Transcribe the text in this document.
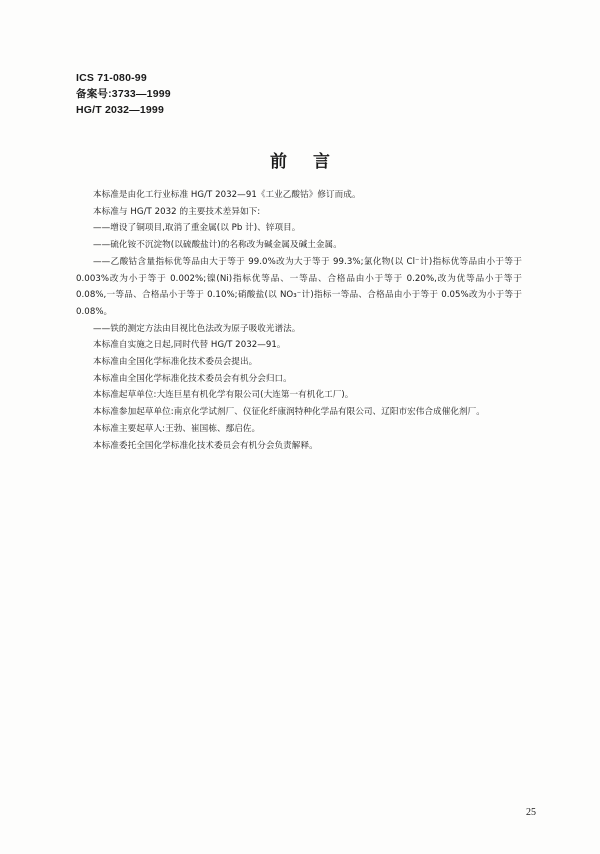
ICS 71-080-99
备案号:3733—1999
HG/T 2032—1999
前言

本标准是由化工行业标准 HG/T 2032—91《工业乙酸钴》修订而成。

本标准与 HG/T 2032 的主要技术差异如下:

——增设了铜项目,取消了重金属(以 Pb 计)、锌项目。

——硫化铵不沉淀物(以硫酸盐计)的名称改为碱金属及碱土金属。

——乙酸钴含量指标优等品由大于等于 99.0%改为大于等于 99.3%;氯化物(以 Cl⁻计)指标优等品由小于等于 0.003%改为小于等于 0.002%;镍(Ni)指标优等品、一等品、合格品由小于等于 0.20%,改为优等品小于等于 0.08%,一等品、合格品小于等于 0.10%;硝酸盐(以 NO₃⁻计)指标一等品、合格品由小于等于 0.05%改为小于等于 0.08%。

——铁的测定方法由目视比色法改为原子吸收光谱法。

本标准自实施之日起,同时代替 HG/T 2032—91。

本标准由全国化学标准化技术委员会提出。

本标准由全国化学标准化技术委员会有机分会归口。

本标准起草单位:大连巨星有机化学有限公司(大连第一有机化工厂)。

本标准参加起草单位:南京化学试剂厂、仪征化纤康润特种化学品有限公司、辽阳市宏伟合成催化剂厂。

本标准主要起草人:王勃、崔国栋、鄢启佐。

本标准委托全国化学标准化技术委员会有机分会负责解释。

25
